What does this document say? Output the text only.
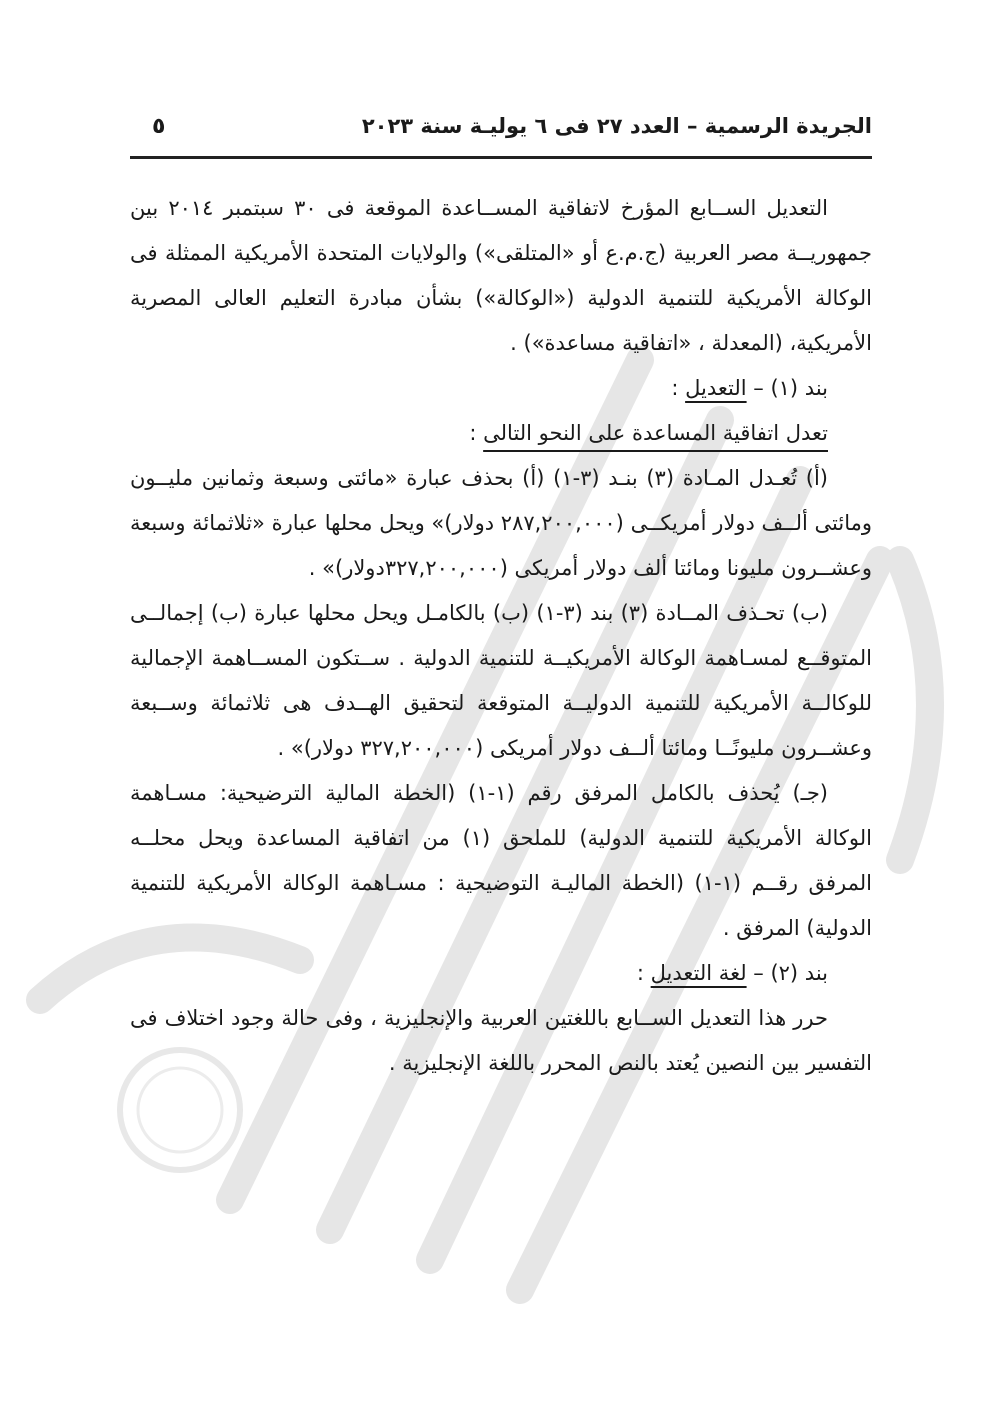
الجريدة الرسمية – العدد ٢٧ فى ٦ يوليـة سنة ٢٠٢٣
٥

التعديل الســابع المؤرخ لاتفاقية المســاعدة الموقعة فى ٣٠ سبتمبر ٢٠١٤ بين جمهوريــة مصر العربية (ج.م.ع أو «المتلقى») والولايات المتحدة الأمريكية الممثلة فى الوكالة الأمريكية للتنمية الدولية («الوكالة») بشأن مبادرة التعليم العالى المصرية الأمريكية، (المعدلة ، «اتفاقية مساعدة») .

بند (١) – التعديل :

تعدل اتفاقية المساعدة على النحو التالى :

(أ) تُعـدل المـادة (٣) بنـد (٣-١) (أ) بحذف عبارة «مائتى وسبعة وثمانين مليــون ومائتى ألــف دولار أمريكــى (٢٨٧,٢٠٠,٠٠٠ دولار)» ويحل محلها عبارة «ثلاثمائة وسبعة وعشــرون مليونا ومائتا ألف دولار أمريكى (٣٢٧,٢٠٠,٠٠٠دولار)» .

(ب) تحـذف المــادة (٣) بند (٣-١) (ب) بالكامـل ويحل محلها عبارة (ب) إجمالــى المتوقــع لمسـاهمة الوكالة الأمريكيــة للتنمية الدولية . ســتكون المســاهمة الإجمالية للوكالــة الأمريكية للتنمية الدوليــة المتوقعة لتحقيق الهــدف هى ثلاثمائة وســبعة وعشــرون مليونًــا ومائتا ألــف دولار أمريكى (٣٢٧,٢٠٠,٠٠٠ دولار)» .

(جـ) يُحذف بالكامل المرفق رقم (١-١) (الخطة المالية الترضيحية: مسـاهمة الوكالة الأمريكية للتنمية الدولية) للملحق (١) من اتفاقية المساعدة ويحل محلــه المرفق رقــم (١-١) (الخطة الماليـة التوضيحية : مسـاهمة الوكالة الأمريكية للتنمية الدولية) المرفق .

بند (٢) – لغة التعديل :

حرر هذا التعديل الســابع باللغتين العربية والإنجليزية ، وفى حالة وجود اختلاف فى التفسير بين النصين يُعتد بالنص المحرر باللغة الإنجليزية .
